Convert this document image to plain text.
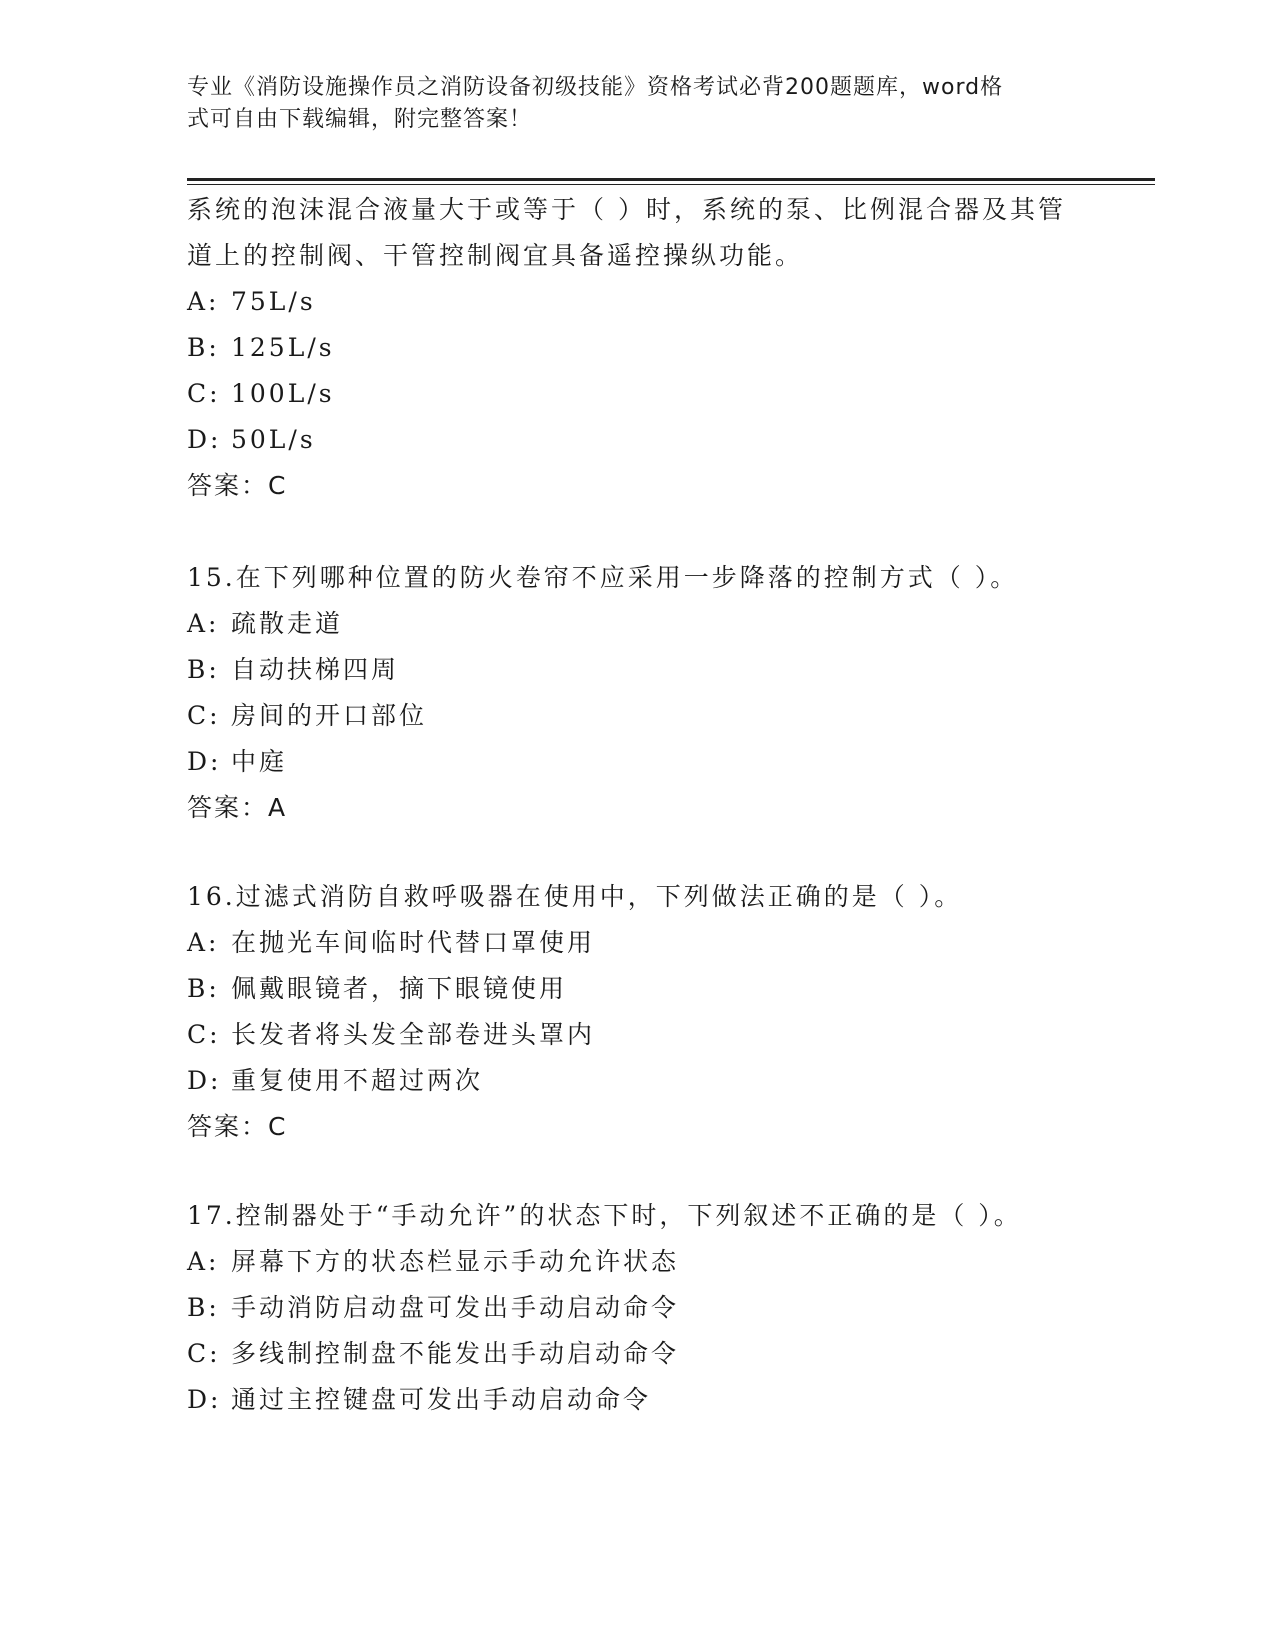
专业《消防设施操作员之消防设备初级技能》资格考试必背200题题库，word格
式可自由下载编辑，附完整答案！

系统的泡沫混合液量大于或等于（ ）时，系统的泵、比例混合器及其管道上的控制阀、干管控制阀宜具备遥控操纵功能。

A: 75L/s
B: 125L/s
C: 100L/s
D: 50L/s
答案：C

15.在下列哪种位置的防火卷帘不应采用一步降落的控制方式（ ）。

A: 疏散走道
B: 自动扶梯四周
C: 房间的开口部位
D: 中庭
答案：A

16.过滤式消防自救呼吸器在使用中，下列做法正确的是（ ）。

A: 在抛光车间临时代替口罩使用
B: 佩戴眼镜者，摘下眼镜使用
C: 长发者将头发全部卷进头罩内
D: 重复使用不超过两次
答案：C

17.控制器处于“手动允许”的状态下时，下列叙述不正确的是（ ）。

A: 屏幕下方的状态栏显示手动允许状态
B: 手动消防启动盘可发出手动启动命令
C: 多线制控制盘不能发出手动启动命令
D: 通过主控键盘可发出手动启动命令
